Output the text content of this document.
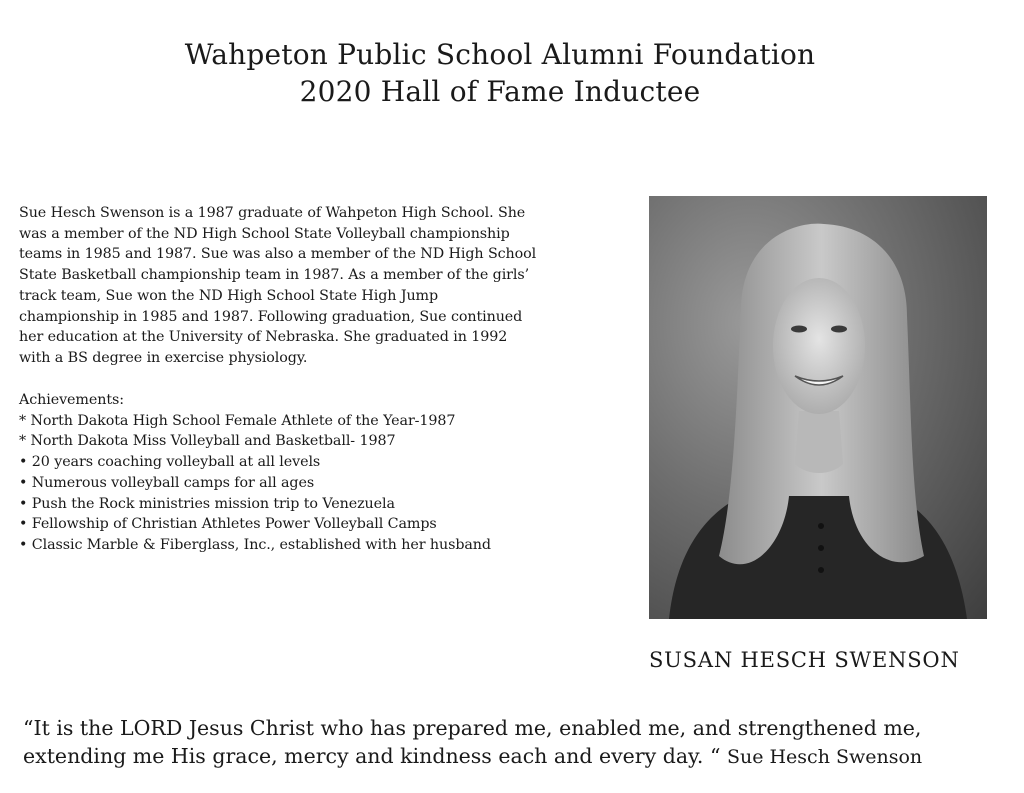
Wahpeton Public School Alumni Foundation
2020 Hall of Fame Inductee

Sue Hesch Swenson is a 1987 graduate of Wahpeton High School. She

was a member of the ND High School State Volleyball championship

teams in 1985 and 1987. Sue was also a member of the ND High School

State Basketball championship team in 1987. As a member of the girls’

track team, Sue won the ND High School State High Jump

championship in 1985 and 1987. Following graduation, Sue continued

her education at the University of Nebraska. She graduated in 1992

with a BS degree in exercise physiology.

Achievements:
* North Dakota High School Female Athlete of the Year-1987
* North Dakota Miss Volleyball and Basketball- 1987
• 20 years coaching volleyball at all levels
• Numerous volleyball camps for all ages
• Push the Rock ministries mission trip to Venezuela
• Fellowship of Christian Athletes Power Volleyball Camps
• Classic Marble & Fiberglass, Inc., established with her husband
SUSAN HESCH SWENSON
“It is the LORD Jesus Christ who has prepared me, enabled me, and strengthened me,
extending me His grace, mercy and kindness each and every day. “ Sue Hesch Swenson
